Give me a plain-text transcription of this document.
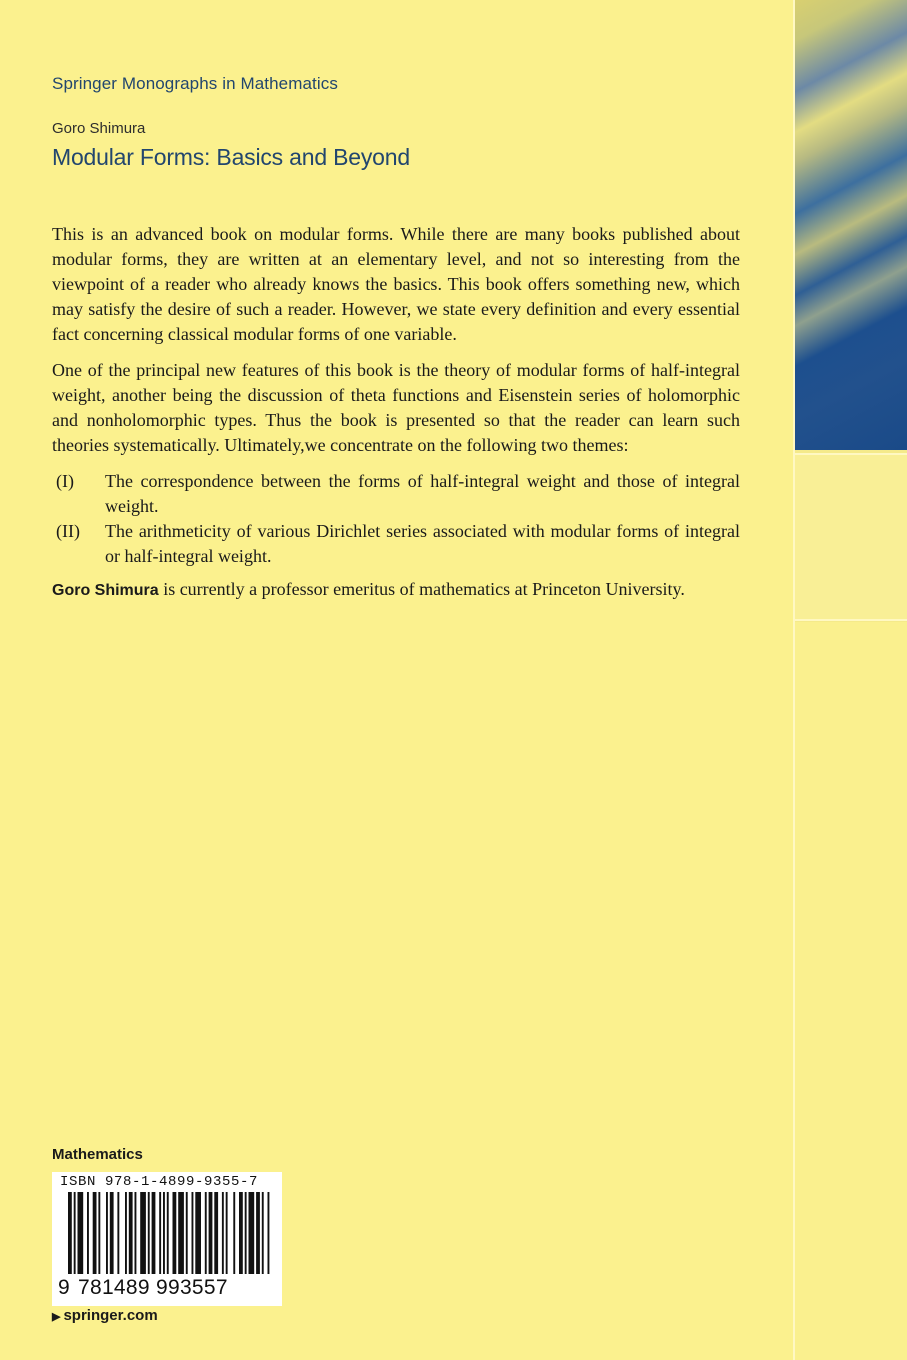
Springer Monographs in Mathematics
Goro Shimura
Modular Forms: Basics and Beyond

This is an advanced book on modular forms. While there are many books published about modular forms, they are written at an elementary level, and not so interesting from the viewpoint of a reader who already knows the basics. This book offers something new, which may satisfy the desire of such a reader. However, we state every definition and every essential fact concerning classical modular forms of one variable.

One of the principal new features of this book is the theory of modular forms of half-integral weight, another being the discussion of theta functions and Eisenstein series of holomorphic and nonholomorphic types. Thus the book is presented so that the reader can learn such theories systematically. Ultimately,we concentrate on the following two themes:

(I)	The correspondence between the forms of half-integral weight and those of integral weight.
(II)	The arithmeticity of various Dirichlet series associated with modular forms of integral or half-integral weight.

Goro Shimura is currently a professor emeritus of mathematics at Princeton University.

Mathematics
ISBN 978-1-4899-9355-7
9 781489 993557
▶ springer.com
